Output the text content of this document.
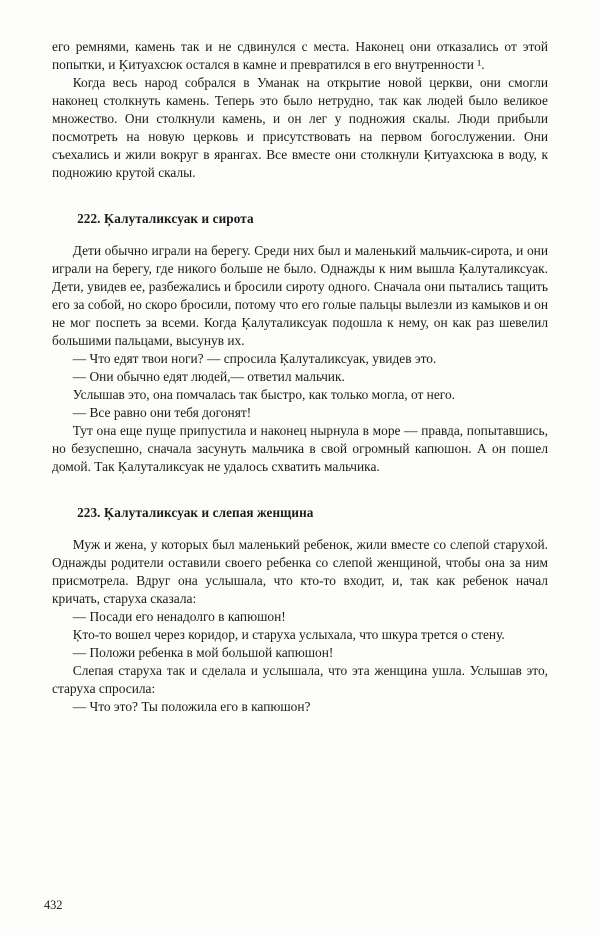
его ремнями, камень так и не сдвинулся с места. Наконец они отказались от этой попытки, и Ķитуахсюк остался в камне и превратился в его внутренности ¹.

Когда весь народ собрался в Уманак на открытие новой церкви, они смогли наконец столкнуть камень. Теперь это было нетрудно, так как людей было великое множество. Они столкнули камень, и он лег у подножия скалы. Люди прибыли посмотреть на новую церковь и присутствовать на первом богослужении. Они съехались и жили вокруг в ярангах. Все вместе они столкнули Ķитуахсюка в воду, к подножию крутой скалы.

222. Ķалуталиксуак и сирота

Дети обычно играли на берегу. Среди них был и маленький мальчик-сирота, и они играли на берегу, где никого больше не было. Однажды к ним вышла Ķалуталиксуак. Дети, увидев ее, разбежались и бросили сироту одного. Сначала они пытались тащить его за собой, но скоро бросили, потому что его голые пальцы вылезли из камыков и он не мог поспеть за всеми. Когда Ķалуталиксуак подошла к нему, он как раз шевелил большими пальцами, высунув их.

— Что едят твои ноги? — спросила Ķалуталиксуак, увидев это.

— Они обычно едят людей,— ответил мальчик.

Услышав это, она помчалась так быстро, как только могла, от него.

— Все равно они тебя догонят!

Тут она еще пуще припустила и наконец нырнула в море — правда, попытавшись, но безуспешно, сначала засунуть мальчика в свой огромный капюшон. А он пошел домой. Так Ķалуталиксуак не удалось схватить мальчика.

223. Ķалуталиксуак и слепая женщина

Муж и жена, у которых был маленький ребенок, жили вместе со слепой старухой. Однажды родители оставили своего ребенка со слепой женщиной, чтобы она за ним присмотрела. Вдруг она услышала, что кто-то входит, и, так как ребенок начал кричать, старуха сказала:

— Посади его ненадолго в капюшон!

Ķто-то вошел через коридор, и старуха услыхала, что шкура трется о стену.

— Положи ребенка в мой большой капюшон!

Слепая старуха так и сделала и услышала, что эта женщина ушла. Услышав это, старуха спросила:

— Что это? Ты положила его в капюшон?

432
